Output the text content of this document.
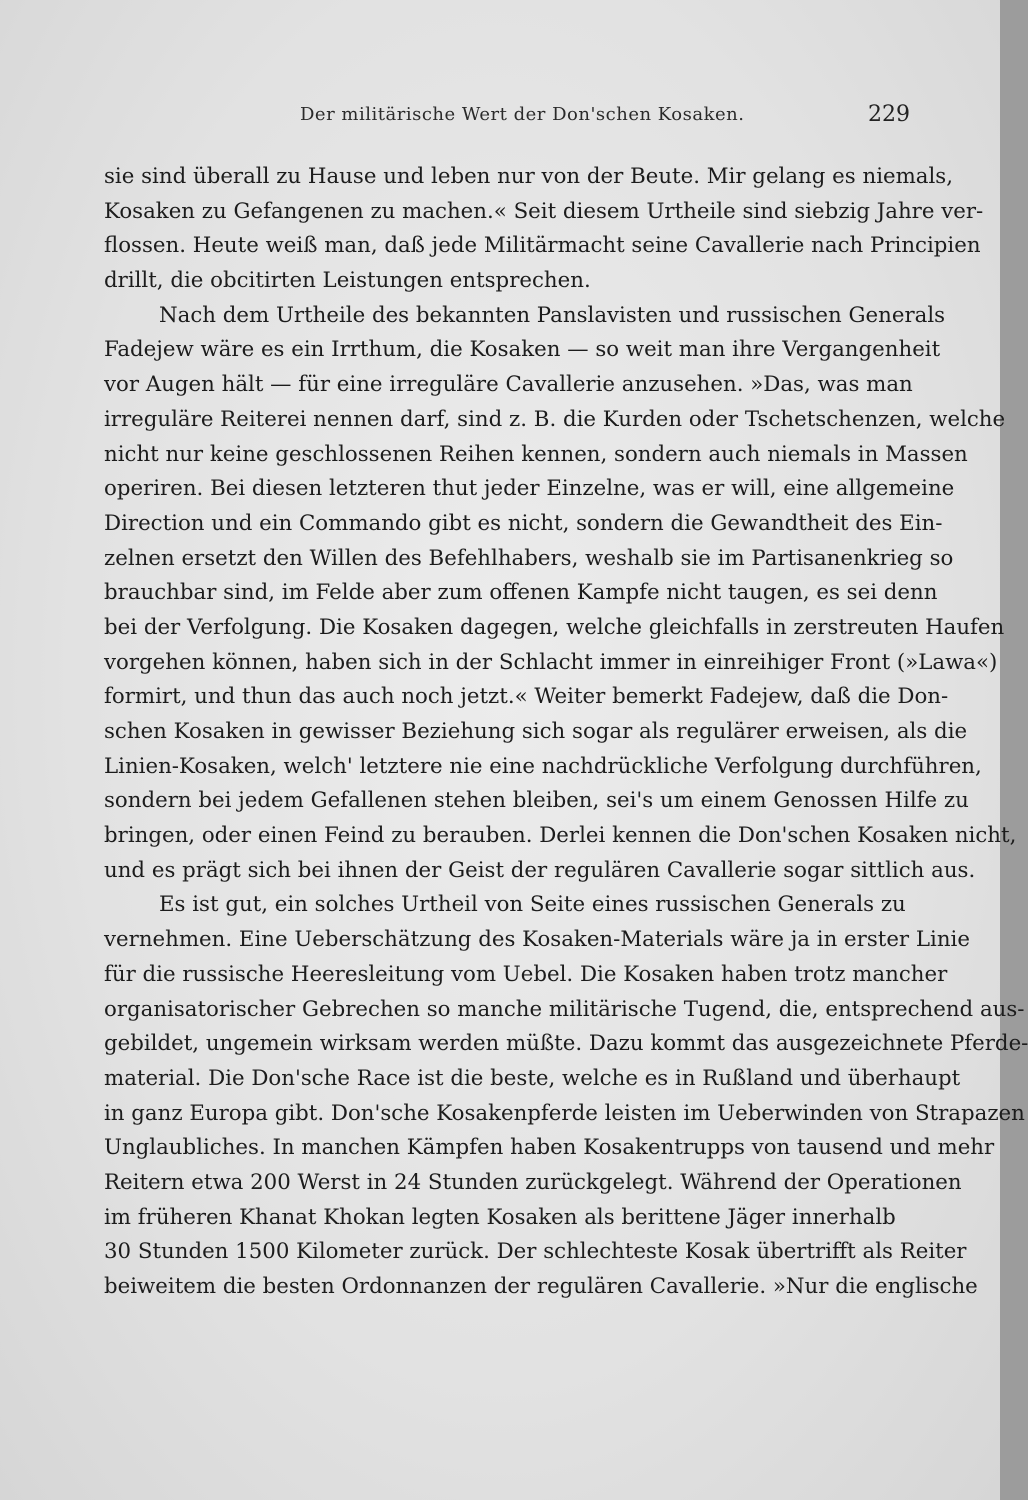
Der militärische Wert der Don'schen Kosaken.	229
sie sind überall zu Hause und leben nur von der Beute. Mir gelang es niemals,
Kosaken zu Gefangenen zu machen.« Seit diesem Urtheile sind siebzig Jahre ver-
flossen. Heute weiß man, daß jede Militärmacht seine Cavallerie nach Principien
drillt, die obcitirten Leistungen entsprechen.
Nach dem Urtheile des bekannten Panslavisten und russischen Generals
Fadejew wäre es ein Irrthum, die Kosaken — so weit man ihre Vergangenheit
vor Augen hält — für eine irreguläre Cavallerie anzusehen. »Das, was man
irreguläre Reiterei nennen darf, sind z. B. die Kurden oder Tschetschenzen, welche
nicht nur keine geschlossenen Reihen kennen, sondern auch niemals in Massen
operiren. Bei diesen letzteren thut jeder Einzelne, was er will, eine allgemeine
Direction und ein Commando gibt es nicht, sondern die Gewandtheit des Ein-
zelnen ersetzt den Willen des Befehlhabers, weshalb sie im Partisanenkrieg so
brauchbar sind, im Felde aber zum offenen Kampfe nicht taugen, es sei denn
bei der Verfolgung. Die Kosaken dagegen, welche gleichfalls in zerstreuten Haufen
vorgehen können, haben sich in der Schlacht immer in einreihiger Front (»Lawa«)
formirt, und thun das auch noch jetzt.« Weiter bemerkt Fadejew, daß die Don-
schen Kosaken in gewisser Beziehung sich sogar als regulärer erweisen, als die
Linien-Kosaken, welch' letztere nie eine nachdrückliche Verfolgung durchführen,
sondern bei jedem Gefallenen stehen bleiben, sei's um einem Genossen Hilfe zu
bringen, oder einen Feind zu berauben. Derlei kennen die Don'schen Kosaken nicht,
und es prägt sich bei ihnen der Geist der regulären Cavallerie sogar sittlich aus.
Es ist gut, ein solches Urtheil von Seite eines russischen Generals zu
vernehmen. Eine Ueberschätzung des Kosaken-Materials wäre ja in erster Linie
für die russische Heeresleitung vom Uebel. Die Kosaken haben trotz mancher
organisatorischer Gebrechen so manche militärische Tugend, die, entsprechend aus-
gebildet, ungemein wirksam werden müßte. Dazu kommt das ausgezeichnete Pferde-
material. Die Don'sche Race ist die beste, welche es in Rußland und überhaupt
in ganz Europa gibt. Don'sche Kosakenpferde leisten im Ueberwinden von Strapazen
Unglaubliches. In manchen Kämpfen haben Kosakentrupps von tausend und mehr
Reitern etwa 200 Werst in 24 Stunden zurückgelegt. Während der Operationen
im früheren Khanat Khokan legten Kosaken als berittene Jäger innerhalb
30 Stunden 1500 Kilometer zurück. Der schlechteste Kosak übertrifft als Reiter
beiweitem die besten Ordonnanzen der regulären Cavallerie. »Nur die englische
